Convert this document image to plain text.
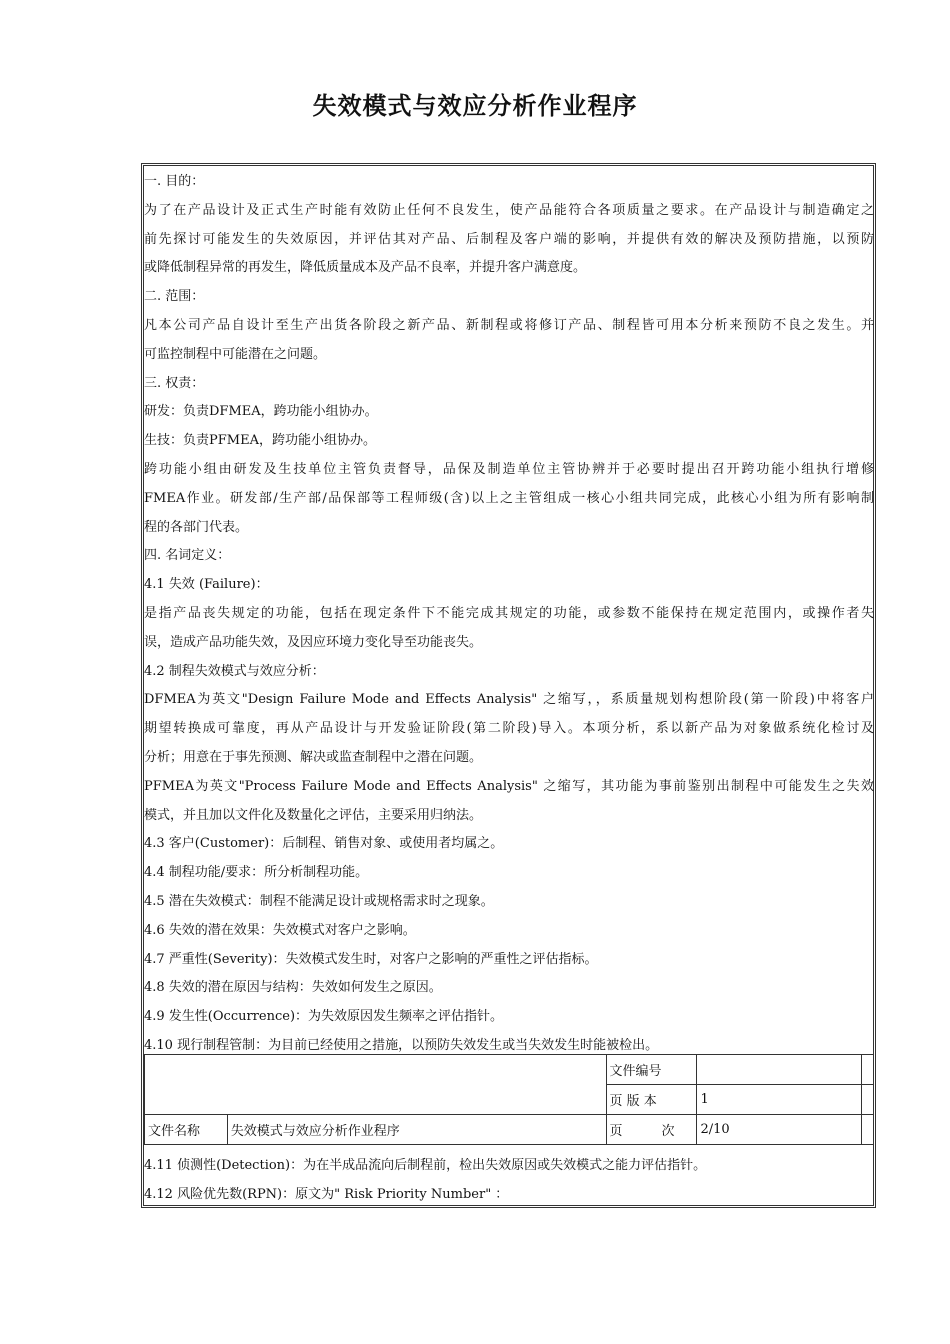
失效模式与效应分析作业程序
一. 目的：
为了在产品设计及正式生产时能有效防止任何不良发生，使产品能符合各项质量之要求。在产品设计与制造确定之
前先探讨可能发生的失效原因，并评估其对产品、后制程及客户端的影响，并提供有效的解决及预防措施，以预防
或降低制程异常的再发生，降低质量成本及产品不良率，并提升客户满意度。
二. 范围：
凡本公司产品自设计至生产出货各阶段之新产品、新制程或将修订产品、制程皆可用本分析来预防不良之发生。并
可监控制程中可能潜在之问题。
三. 权责：
研发：负责DFMEA，跨功能小组协办。
生技：负责PFMEA，跨功能小组协办。
跨功能小组由研发及生技单位主管负责督导，品保及制造单位主管协辨并于必要时提出召开跨功能小组执行增修
FMEA作业。研发部/生产部/品保部等工程师级(含)以上之主管组成一核心小组共同完成，此核心小组为所有影响制
程的各部门代表。
四. 名词定义：
4.1 失效 (Failure)：
是指产品丧失规定的功能，包括在现定条件下不能完成其规定的功能，或参数不能保持在规定范围内，或操作者失
误，造成产品功能失效，及因应环境力变化导至功能丧失。
4.2 制程失效模式与效应分析：
DFMEA为英文"Design Failure Mode and Effects Analysis" 之缩写，，系质量规划构想阶段(第一阶段)中将客户
期望转换成可靠度，再从产品设计与开发验证阶段(第二阶段)导入。本项分析，系以新产品为对象做系统化检讨及
分析；用意在于事先预测、解决或监查制程中之潜在问题。
PFMEA为英文"Process Failure Mode and Effects Analysis" 之缩写，其功能为事前鉴别出制程中可能发生之失效
模式，并且加以文件化及数量化之评估，主要采用归纳法。
4.3 客户(Customer)：后制程、销售对象、或使用者均属之。
4.4 制程功能/要求：所分析制程功能。
4.5 潜在失效模式：制程不能满足设计或规格需求时之现象。
4.6 失效的潜在效果：失效模式对客户之影响。
4.7 严重性(Severity)：失效模式发生时，对客户之影响的严重性之评估指标。
4.8 失效的潜在原因与结构：失效如何发生之原因。
4.9 发生性(Occurrence)：为失效原因发生频率之评估指针。
4.10 现行制程管制：为目前已经使用之措施，以预防失效发生或当失效发生时能被检出。
		文件编号		
		页 版 本	1	
文件名称	失效模式与效应分析作业程序	页　　　次	2/10	
4.11 侦测性(Detection)：为在半成品流向后制程前，检出失效原因或失效模式之能力评估指针。
4.12 风险优先数(RPN)：原文为" Risk Priority Number" ：
